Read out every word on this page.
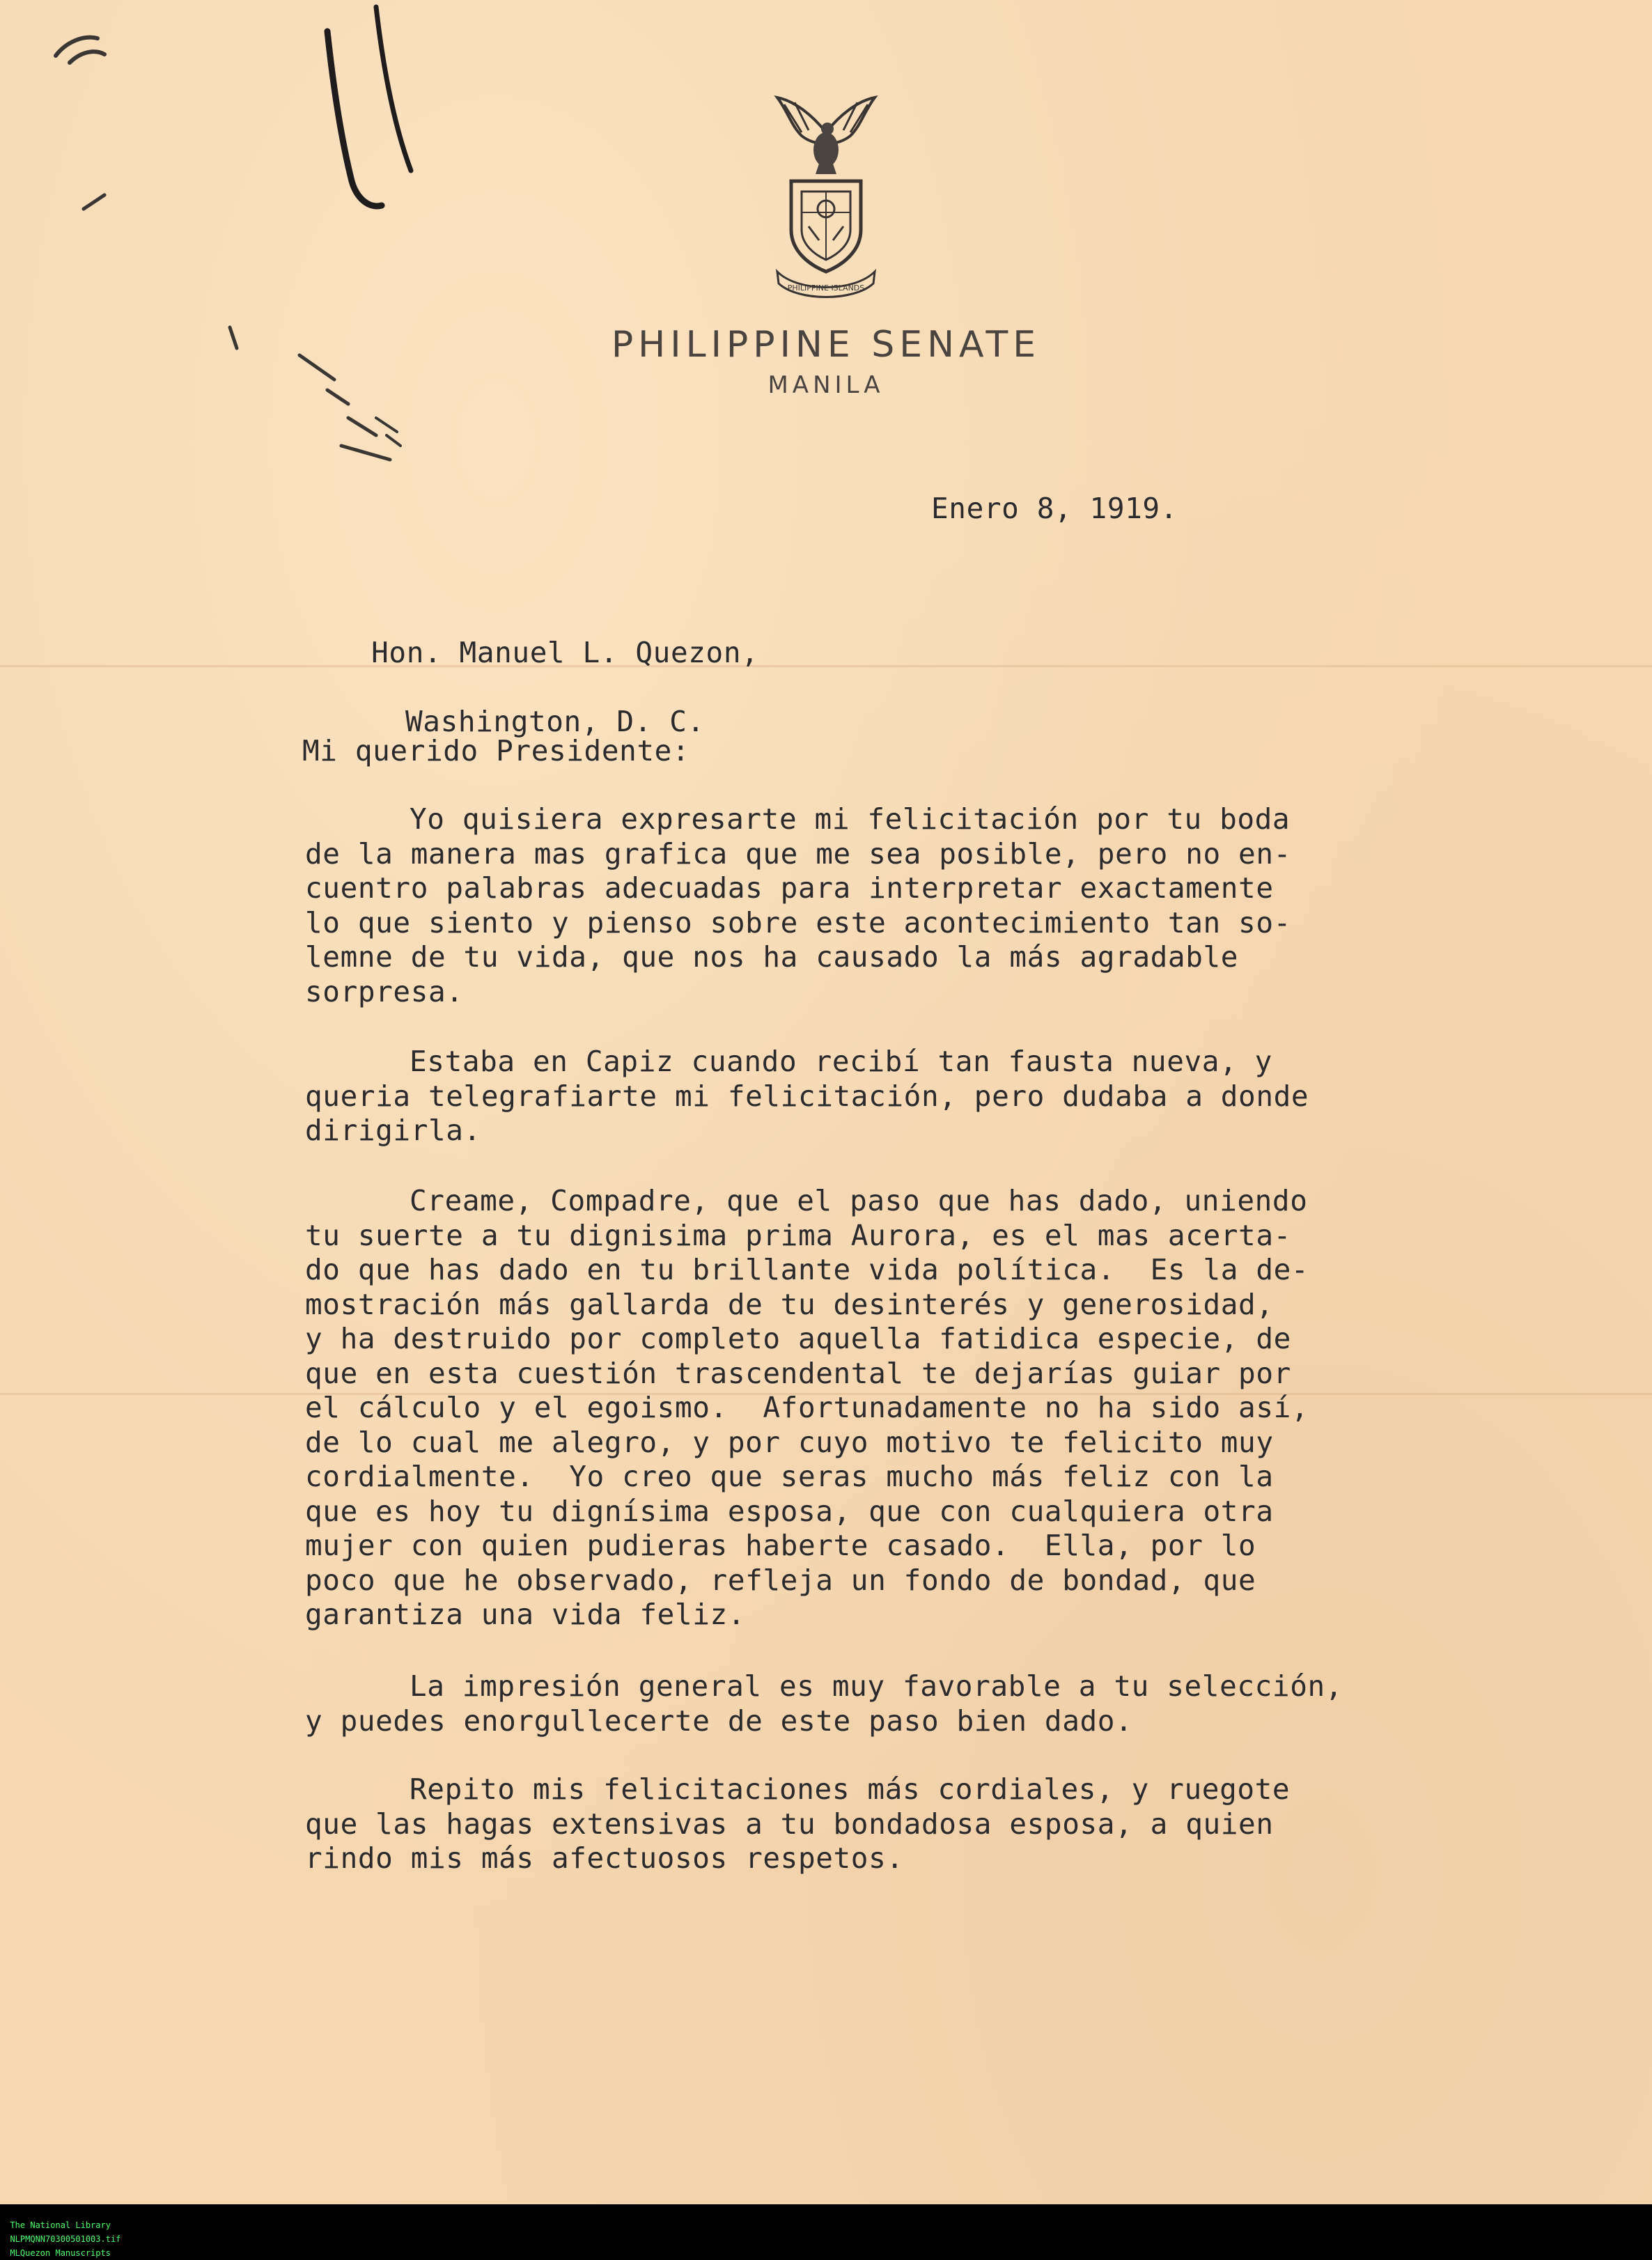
PHILIPPINE ISLANDS
PHILIPPINE SENATE
MANILA
Enero 8, 1919.

Hon. Manuel L. Quezon,

Washington, D. C.

Mi querido Presidente:
Yo quisiera expresarte mi felicitación por tu boda
de la manera mas grafica que me sea posible, pero no en-
cuentro palabras adecuadas para interpretar exactamente
lo que siento y pienso sobre este acontecimiento tan so-
lemne de tu vida, que nos ha causado la más agradable
sorpresa.
Estaba en Capiz cuando recibí tan fausta nueva, y
queria telegrafiarte mi felicitación, pero dudaba a donde
dirigirla.
Creame, Compadre, que el paso que has dado, uniendo
tu suerte a tu dignisima prima Aurora, es el mas acerta-
do que has dado en tu brillante vida política.  Es la de-
mostración más gallarda de tu desinterés y generosidad,
y ha destruido por completo aquella fatidica especie, de
que en esta cuestión trascendental te dejarías guiar por
el cálculo y el egoismo.  Afortunadamente no ha sido así,
de lo cual me alegro, y por cuyo motivo te felicito muy
cordialmente.  Yo creo que seras mucho más feliz con la
que es hoy tu dignísima esposa, que con cualquiera otra
mujer con quien pudieras haberte casado.  Ella, por lo
poco que he observado, refleja un fondo de bondad, que
garantiza una vida feliz.
La impresión general es muy favorable a tu selección,
y puedes enorgullecerte de este paso bien dado.
Repito mis felicitaciones más cordiales, y ruegote
que las hagas extensivas a tu bondadosa esposa, a quien
rindo mis más afectuosos respetos.

The National Library
NLPMQNN70300501003.tif
MLQuezon Manuscripts
